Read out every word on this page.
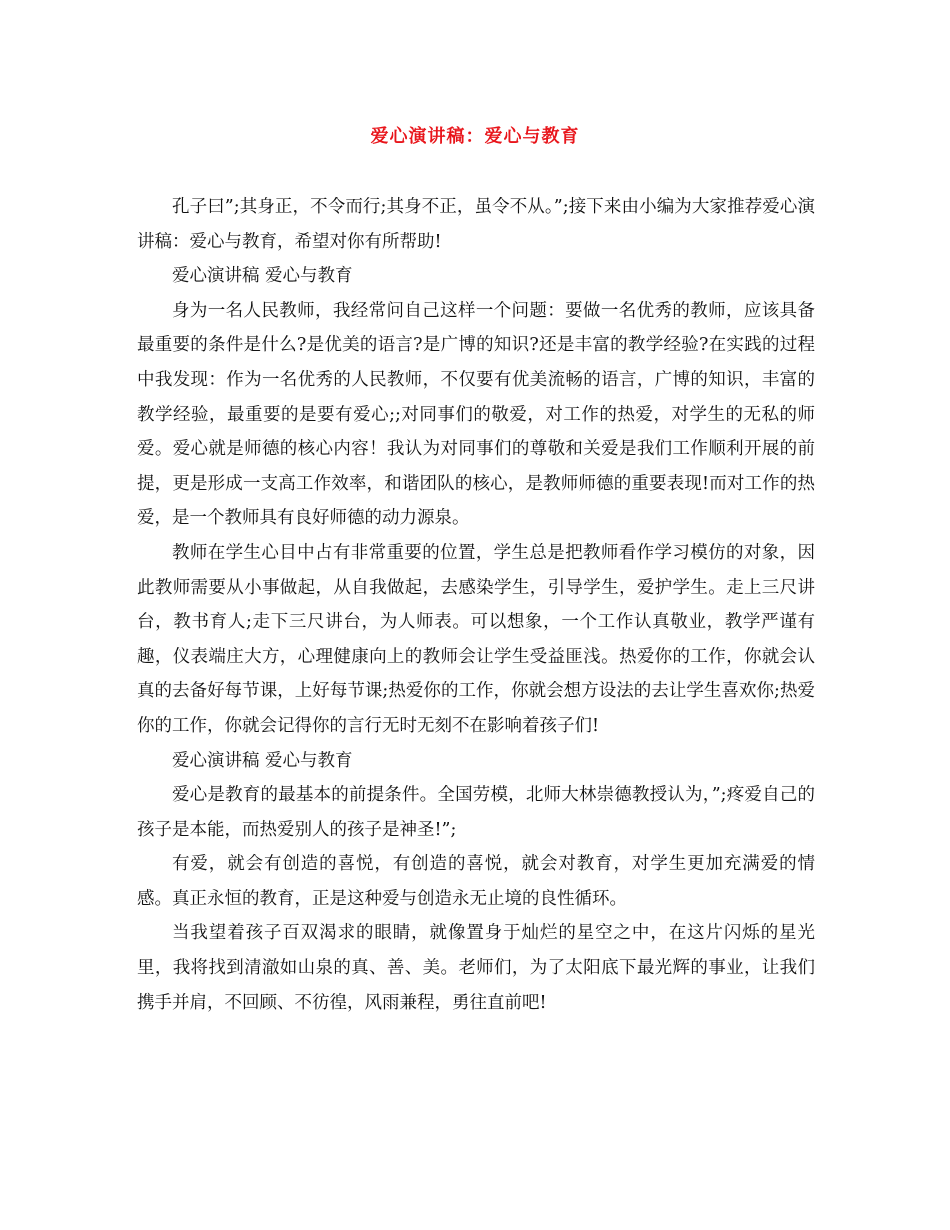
爱心演讲稿：爱心与教育

孔子曰”;其身正，不令而行;其身不正，虽令不从。”;接下来由小编为大家推荐爱心演讲稿：爱心与教育，希望对你有所帮助!

爱心演讲稿 爱心与教育

身为一名人民教师，我经常问自己这样一个问题：要做一名优秀的教师，应该具备最重要的条件是什么?是优美的语言?是广博的知识?还是丰富的教学经验?在实践的过程中我发现：作为一名优秀的人民教师，不仅要有优美流畅的语言，广博的知识，丰富的教学经验，最重要的是要有爱心;;对同事们的敬爱，对工作的热爱，对学生的无私的师爱。爱心就是师德的核心内容！我认为对同事们的尊敬和关爱是我们工作顺利开展的前提，更是形成一支高工作效率，和谐团队的核心，是教师师德的重要表现!而对工作的热爱，是一个教师具有良好师德的动力源泉。

教师在学生心目中占有非常重要的位置，学生总是把教师看作学习模仿的对象，因此教师需要从小事做起，从自我做起，去感染学生，引导学生，爱护学生。走上三尺讲台，教书育人;走下三尺讲台，为人师表。可以想象，一个工作认真敬业，教学严谨有趣，仪表端庄大方，心理健康向上的教师会让学生受益匪浅。热爱你的工作，你就会认真的去备好每节课，上好每节课;热爱你的工作，你就会想方设法的去让学生喜欢你;热爱你的工作，你就会记得你的言行无时无刻不在影响着孩子们!

爱心演讲稿 爱心与教育

爱心是教育的最基本的前提条件。全国劳模，北师大林崇德教授认为，”;疼爱自己的孩子是本能，而热爱别人的孩子是神圣!”;

有爱，就会有创造的喜悦，有创造的喜悦，就会对教育，对学生更加充满爱的情感。真正永恒的教育，正是这种爱与创造永无止境的良性循环。

当我望着孩子百双渴求的眼睛，就像置身于灿烂的星空之中，在这片闪烁的星光里，我将找到清澈如山泉的真、善、美。老师们，为了太阳底下最光辉的事业，让我们携手并肩，不回顾、不彷徨，风雨兼程，勇往直前吧!
